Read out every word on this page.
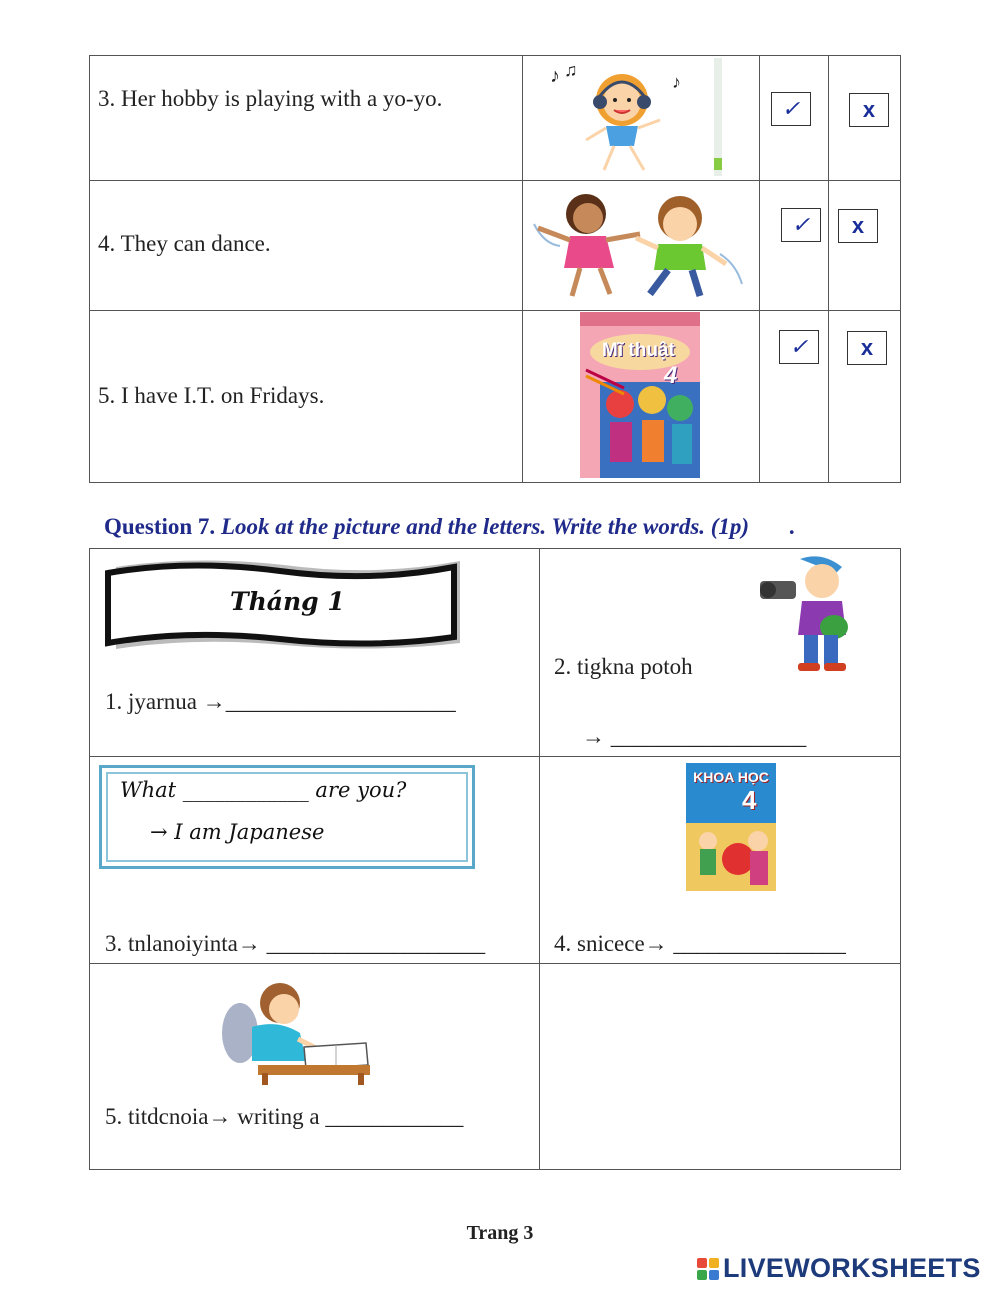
3. Her hobby is playing with a yo-yo.
♪ ♫
♪
✓	x
4. They can dance.
✓	x
5. I have I.T. on Fridays.
Mĩ thuật
4
✓	x
Question 7. Look at the picture and the letters. Write the words. (1p) .
Tháng 1
1. jyarnua →____________________
2. tigkna potoh
→ _________________
What ____________ are you?
→ I am Japanese
3. tnlanoiyinta→ ___________________
KHOA HỌC
4
4. snicece→ _______________
5. titdcnoia→ writing a ____________
Trang 3
LIVEWORKSHEETS
